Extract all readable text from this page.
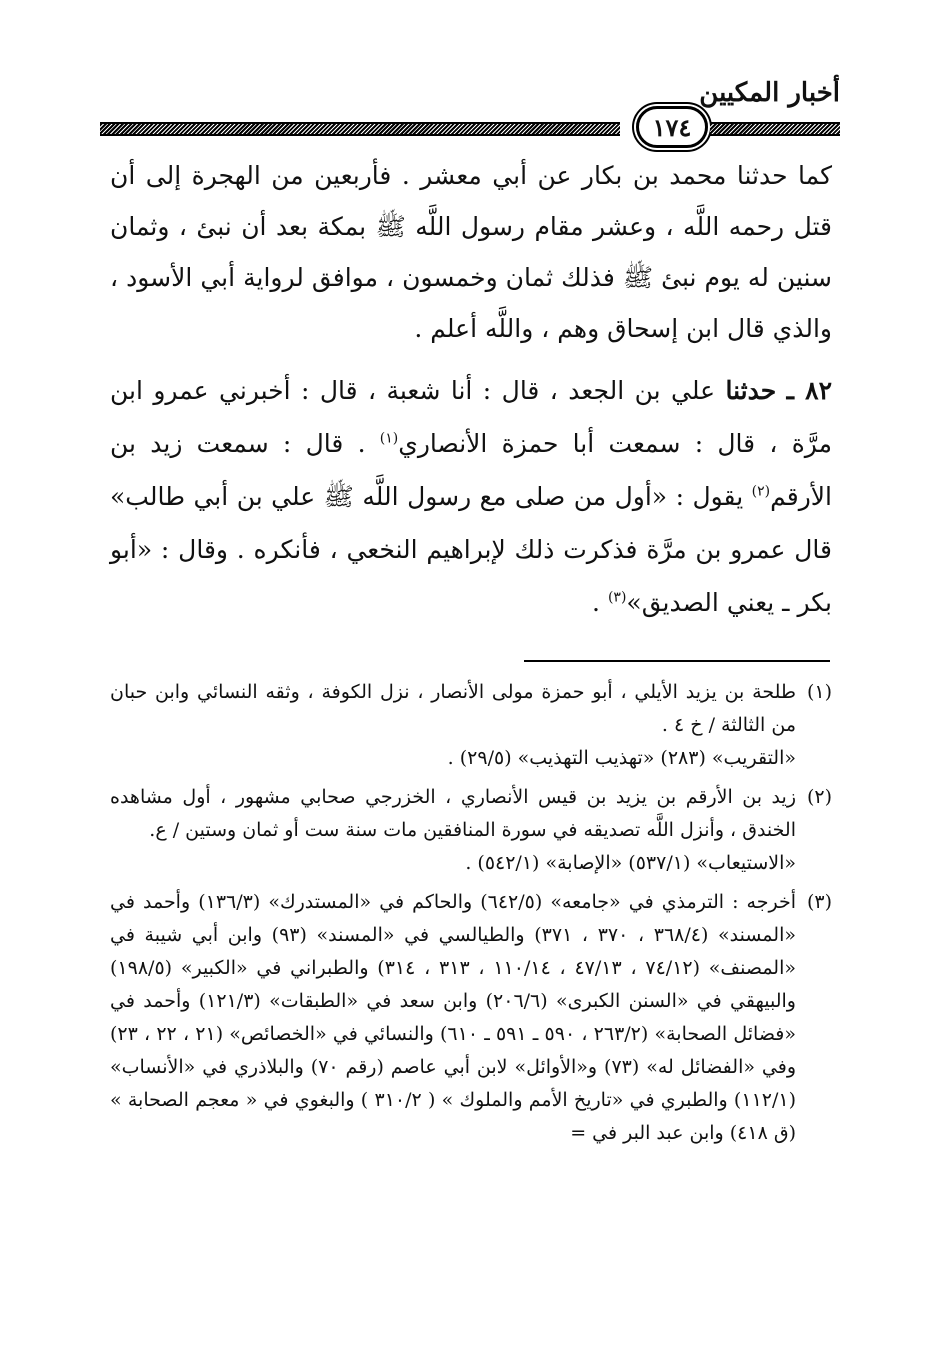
أخبار المكيين
١٧٤

كما حدثنا محمد بن بكار عن أبي معشر . فأربعين من الهجرة إلى أن قتل رحمه اللَّه ، وعشر مقام رسول اللَّه ﷺ بمكة بعد أن نبئ ، وثمان سنين له يوم نبئ ﷺ فذلك ثمان وخمسون ، موافق لرواية أبي الأسود ، والذي قال ابن إسحاق وهم ، واللَّه أعلم .

٨٢ ـ حدثنا علي بن الجعد ، قال : أنا شعبة ، قال : أخبرني عمرو ابن مرَّة ، قال : سمعت أبا حمزة الأنصاري$^{(١)}$ . قال : سمعت زيد بن الأرقم$^{(٢)}$ يقول : «أول من صلى مع رسول اللَّه ﷺ علي بن أبي طالب» قال عمرو بن مرَّة فذكرت ذلك لإبراهيم النخعي ، فأنكره . وقال : «أبو بكر ـ يعني الصديق»$^{(٣)}$ .

(١)
طلحة بن يزيد الأيلي ، أبو حمزة مولى الأنصار ، نزل الكوفة ، وثقه النسائي وابن حبان من الثالثة / خ ٤ .
«التقريب» (٢٨٣) «تهذيب التهذيب» (٢٩/٥) .
(٢)
زيد بن الأرقم بن يزيد بن قيس الأنصاري ، الخزرجي صحابي مشهور ، أول مشاهده الخندق ، وأنزل اللَّه تصديقه في سورة المنافقين مات سنة ست أو ثمان وستين / ع.
«الاستيعاب» (٥٣٧/١) «الإصابة» (٥٤٢/١) .
(٣)
أخرجه : الترمذي في «جامعه» (٦٤٢/٥) والحاكم في «المستدرك» (١٣٦/٣) وأحمد في «المسند» (٣٦٨/٤ ، ٣٧٠ ، ٣٧١) والطيالسي في «المسند» (٩٣) وابن أبي شيبة في «المصنف» (٧٤/١٢ ، ٤٧/١٣ ، ١١٠/١٤ ، ٣١٣ ، ٣١٤) والطبراني في «الكبير» (١٩٨/٥) والبيهقي في «السنن الكبرى» (٢٠٦/٦) وابن سعد في «الطبقات» (١٢١/٣) وأحمد في «فضائل الصحابة» (٢٦٣/٢ ، ٥٩٠ ـ ٥٩١ ـ ٦١٠) والنسائي في «الخصائص» (٢١ ، ٢٢ ، ٢٣) وفي «الفضائل له» (٧٣) و«الأوائل» لابن أبي عاصم (رقم ٧٠) والبلاذري في «الأنساب» (١١٢/١) والطبري في «تاريخ الأمم والملوك » ( ٣١٠/٢ ) والبغوي في « معجم الصحابة » (ق ٤١٨) وابن عبد البر في =
